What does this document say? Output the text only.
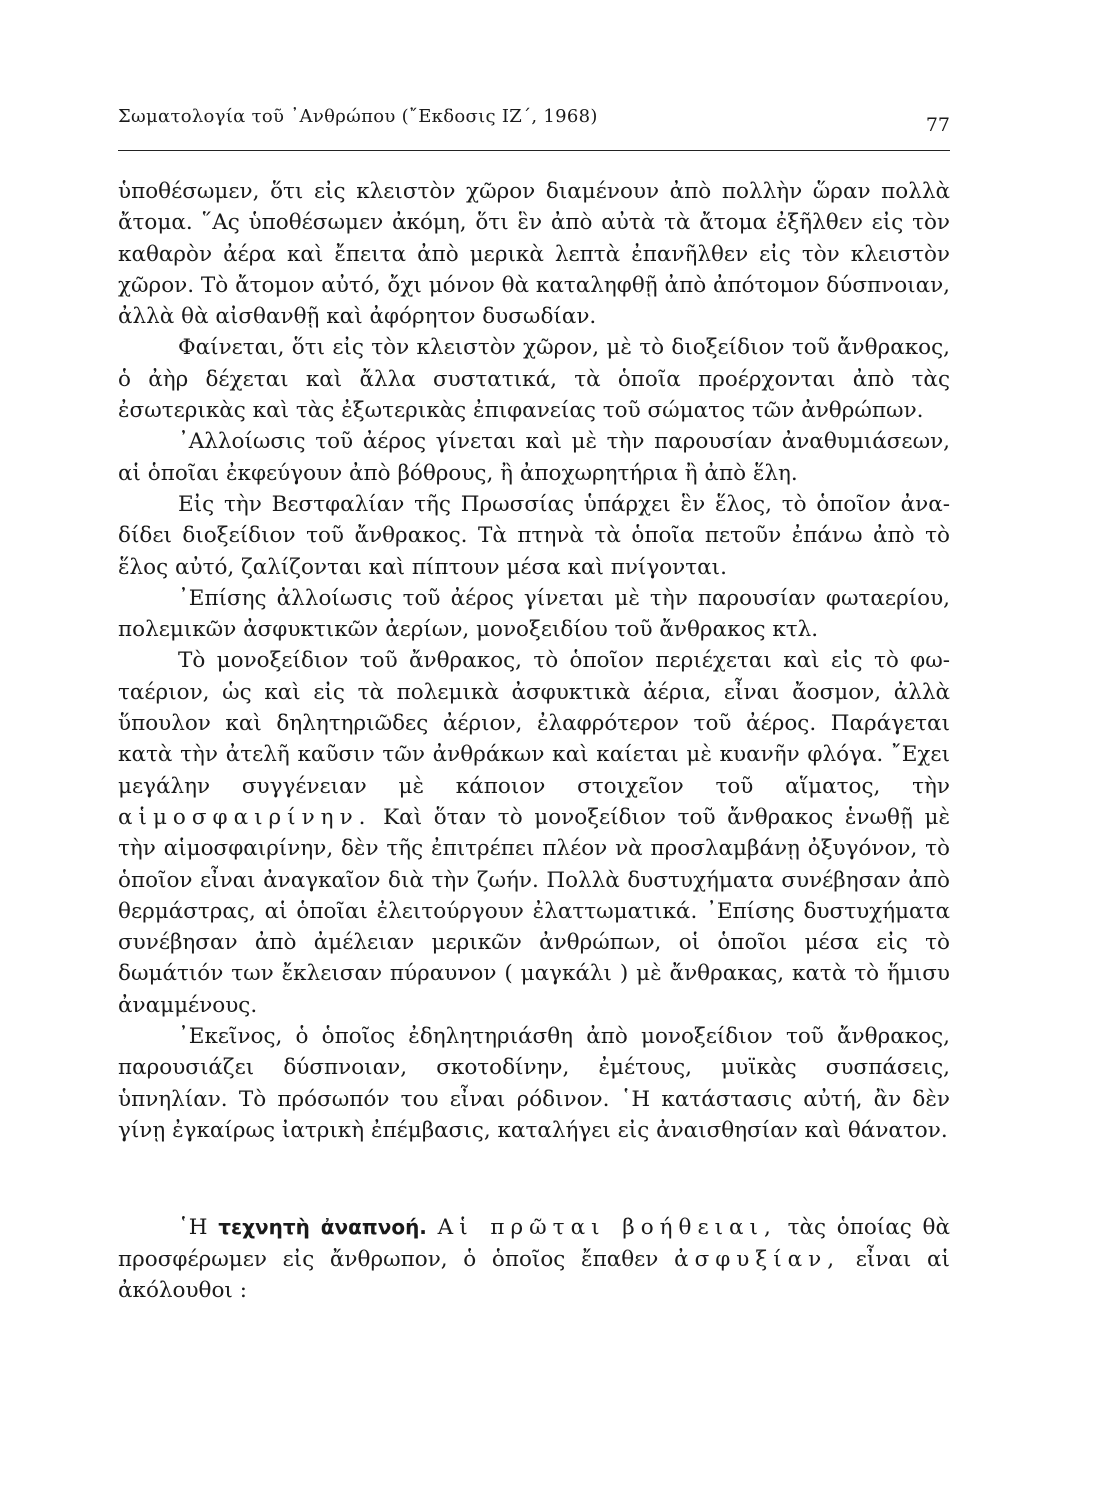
Σωματολογία τοῦ ᾿Ανθρώπου (῎Εκδοσις ΙΖ΄, 1968)	77

ὑποθέσωμεν, ὅτι εἰς κλειστὸν χῶρον διαμένουν ἀπὸ πολλὴν ὥραν πολλὰ ἄτομα. ῞Ας ὑποθέσωμεν ἀκόμη, ὅτι ἓν ἀπὸ αὐτὰ τὰ ἄτομα ἐξῆλθεν εἰς τὸν καθαρὸν ἀέρα καὶ ἔπειτα ἀπὸ μερικὰ λεπτὰ ἐπανῆλθεν εἰς τὸν κλειστὸν χῶρον. Τὸ ἄτομον αὐτό, ὄχι μόνον θὰ καταληφθῇ ἀπὸ ἀπότομον δύσπνοιαν, ἀλλὰ θὰ αἰσθανθῇ καὶ ἀφόρητον δυσωδίαν.

Φαίνεται, ὅτι εἰς τὸν κλειστὸν χῶρον, μὲ τὸ διοξείδιον τοῦ ἄνθρακος, ὁ ἀὴρ δέχεται καὶ ἄλλα συστατικά, τὰ ὁποῖα προέρχονται ἀπὸ τὰς ἐσωτερικὰς καὶ τὰς ἐξωτερικὰς ἐπιφανείας τοῦ σώματος τῶν ἀνθρώπων.

᾿Αλλοίωσις τοῦ ἀέρος γίνεται καὶ μὲ τὴν παρουσίαν ἀναθυμιάσεων, αἱ ὁποῖαι ἐκφεύγουν ἀπὸ βόθρους, ἢ ἀποχωρητήρια ἢ ἀπὸ ἕλη.

Εἰς τὴν Βεστφαλίαν τῆς Πρωσσίας ὑπάρχει ἓν ἕλος, τὸ ὁποῖον ἀναδίδει διοξείδιον τοῦ ἄνθρακος. Τὰ πτηνὰ τὰ ὁποῖα πετοῦν ἐπάνω ἀπὸ τὸ ἕλος αὐτό, ζαλίζονται καὶ πίπτουν μέσα καὶ πνίγονται.

᾿Επίσης ἀλλοίωσις τοῦ ἀέρος γίνεται μὲ τὴν παρουσίαν φωταερίου, πολεμικῶν ἀσφυκτικῶν ἀερίων, μονοξειδίου τοῦ ἄνθρακος κτλ.

Τὸ μονοξείδιον τοῦ ἄνθρακος, τὸ ὁποῖον περιέχεται καὶ εἰς τὸ φωταέριον, ὡς καὶ εἰς τὰ πολεμικὰ ἀσφυκτικὰ ἀέρια, εἶναι ἄοσμον, ἀλλὰ ὕπουλον καὶ δηλητηριῶδες ἀέριον, ἐλαφρότερον τοῦ ἀέρος. Παράγεται κατὰ τὴν ἀτελῆ καῦσιν τῶν ἀνθράκων καὶ καίεται μὲ κυανῆν φλόγα. ῎Εχει μεγάλην συγγένειαν μὲ κάποιον στοιχεῖον τοῦ αἵματος, τὴν αἱμοσφαιρίνην. Καὶ ὅταν τὸ μονοξείδιον τοῦ ἄνθρακος ἑνωθῇ μὲ τὴν αἱμοσφαιρίνην, δὲν τῆς ἐπιτρέπει πλέον νὰ προσλαμβάνῃ ὀξυγόνον, τὸ ὁποῖον εἶναι ἀναγκαῖον διὰ τὴν ζωήν. Πολλὰ δυστυχήματα συνέβησαν ἀπὸ θερμάστρας, αἱ ὁποῖαι ἐλειτούργουν ἐλαττωματικά. ᾿Επίσης δυστυχήματα συνέβησαν ἀπὸ ἀμέλειαν μερικῶν ἀνθρώπων, οἱ ὁποῖοι μέσα εἰς τὸ δωμάτιόν των ἔκλεισαν πύραυνον ( μαγκάλι ) μὲ ἄνθρακας, κατὰ τὸ ἥμισυ ἀναμμένους.

᾿Εκεῖνος, ὁ ὁποῖος ἐδηλητηριάσθη ἀπὸ μονοξείδιον τοῦ ἄνθρακος, παρουσιάζει δύσπνοιαν, σκοτοδίνην, ἐμέτους, μυϊκὰς συσπάσεις, ὑπνηλίαν. Τὸ πρόσωπόν του εἶναι ρόδινον. ῾Η κατάστασις αὐτή, ἂν δὲν γίνῃ ἐγκαίρως ἰατρικὴ ἐπέμβασις, καταλήγει εἰς ἀναισθησίαν καὶ θάνατον.

῾Η τεχνητὴ ἀναπνοή. Αἱ πρῶται βοήθειαι, τὰς ὁποίας θὰ προσφέρωμεν εἰς ἄνθρωπον, ὁ ὁποῖος ἔπαθεν ἀσφυξίαν, εἶναι αἱ ἀκόλουθοι :
